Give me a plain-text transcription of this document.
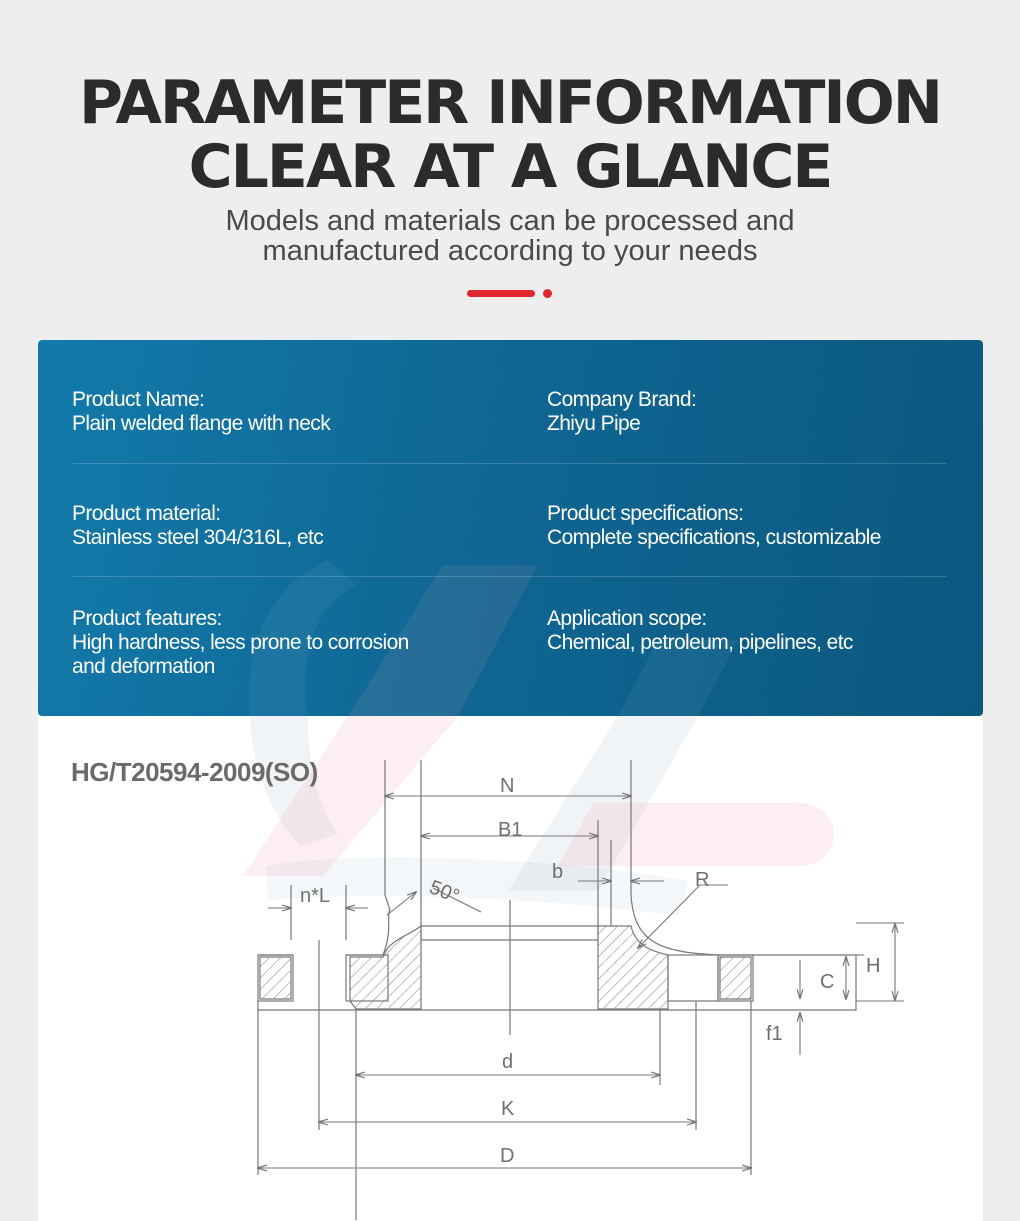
PARAMETER INFORMATION
CLEAR AT A GLANCE
Models and materials can be processed and
manufactured according to your needs
Product Name:
Plain welded flange with neck
Company Brand:
Zhiyu Pipe
Product material:
Stainless steel 304/316L, etc
Product specifications:
Complete specifications, customizable
Product features:
High hardness, less prone to corrosion
and deformation
Application scope:
Chemical, petroleum, pipelines, etc
HG/T20594-2009(SO)	N
B1
b	R
50°
n*L
H
C
f1
d
K
D
